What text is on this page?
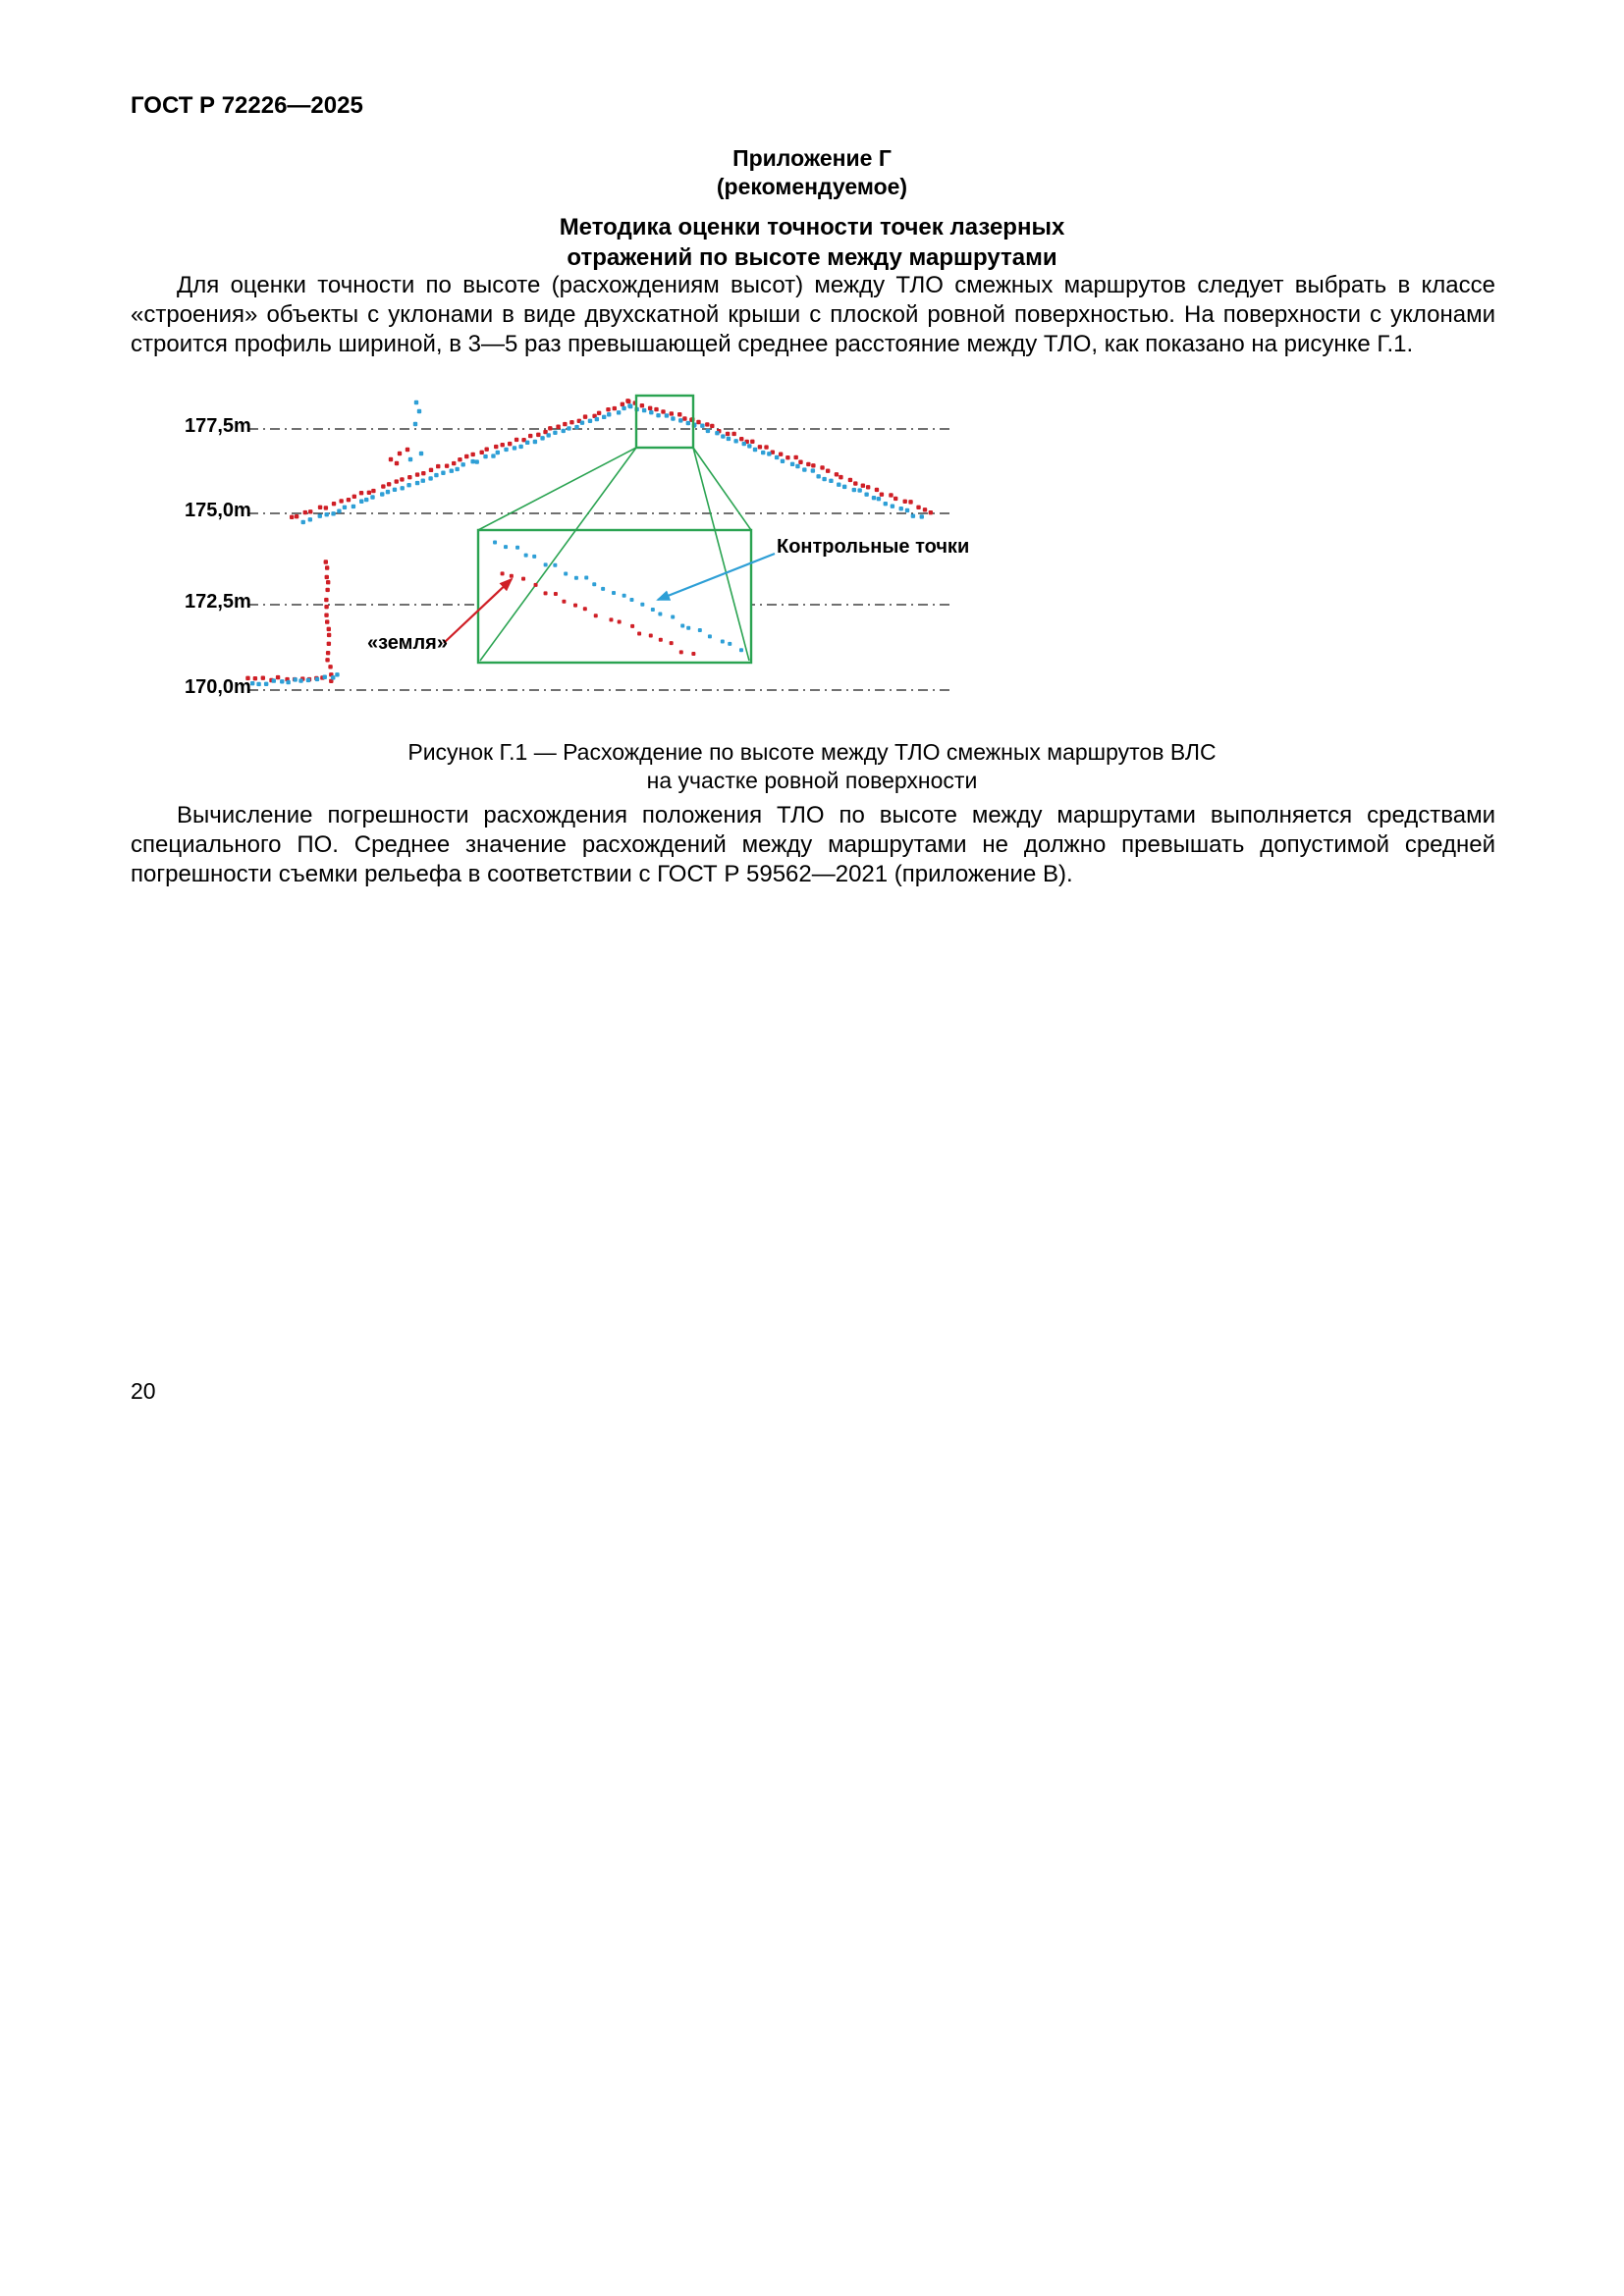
ГОСТ Р 72226—2025
Приложение Г
(рекомендуемое)
Методика оценки точности точек лазерных
отражений по высоте между маршрутами

Для оценки точности по высоте (расхождениям высот) между ТЛО смежных маршрутов следует выбрать в классе «строения» объекты с уклонами в виде двухскатной крыши с плоской ровной поверхностью. На поверхности с уклонами строится профиль шириной, в 3—5 раз превышающей среднее расстояние между ТЛО, как показано на рисунке Г.1.

177,5m
175,0m
172,5m
170,0m
«земля»
Контрольные точки
Рисунок Г.1 — Расхождение по высоте между ТЛО смежных маршрутов ВЛС
на участке ровной поверхности

Вычисление погрешности расхождения положения ТЛО по высоте между маршрутами выполняется средствами специального ПО. Среднее значение расхождений между маршрутами не должно превышать допустимой средней погрешности съемки рельефа в соответствии с ГОСТ Р 59562—2021 (приложение В).

20
